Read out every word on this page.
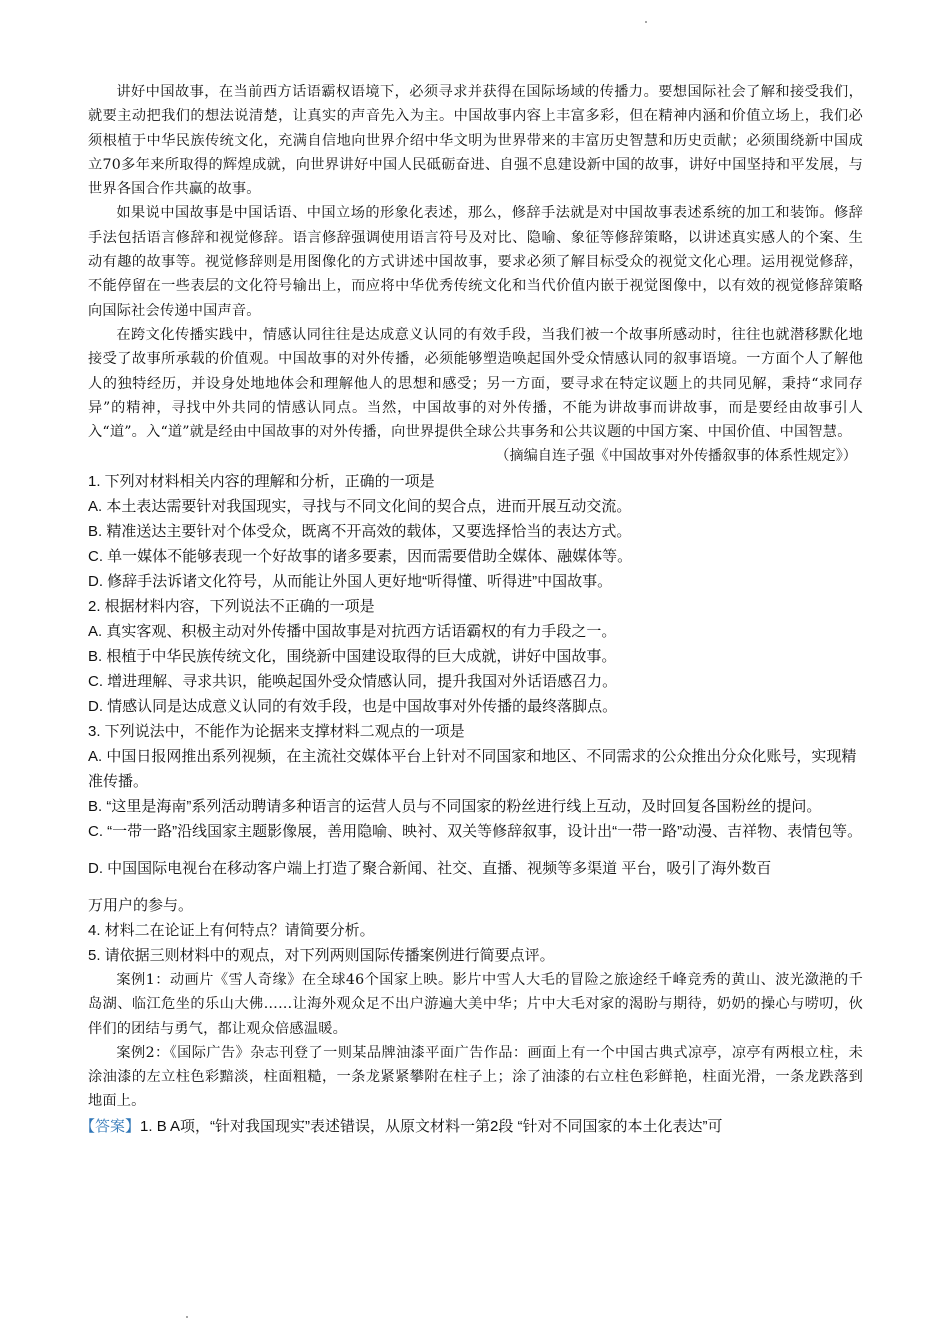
讲好中国故事，在当前西方话语霸权语境下，必须寻求并获得在国际场域的传播力。要想国际社会了解和接受我们，就要主动把我们的想法说清楚，让真实的声音先入为主。中国故事内容上丰富多彩，但在精神内涵和价值立场上，我们必须根植于中华民族传统文化，充满自信地向世界介绍中华文明为世界带来的丰富历史智慧和历史贡献；必须围绕新中国成立70多年来所取得的辉煌成就，向世界讲好中国人民砥砺奋进、自强不息建设新中国的故事，讲好中国坚持和平发展，与世界各国合作共赢的故事。

如果说中国故事是中国话语、中国立场的形象化表述，那么，修辞手法就是对中国故事表述系统的加工和装饰。修辞手法包括语言修辞和视觉修辞。语言修辞强调使用语言符号及对比、隐喻、象征等修辞策略，以讲述真实感人的个案、生动有趣的故事等。视觉修辞则是用图像化的方式讲述中国故事，要求必须了解目标受众的视觉文化心理。运用视觉修辞，不能停留在一些表层的文化符号输出上，而应将中华优秀传统文化和当代价值内嵌于视觉图像中，以有效的视觉修辞策略向国际社会传递中国声音。

在跨文化传播实践中，情感认同往往是达成意义认同的有效手段，当我们被一个故事所感动时，往往也就潜移默化地接受了故事所承载的价值观。中国故事的对外传播，必须能够塑造唤起国外受众情感认同的叙事语境。一方面个人了解他人的独特经历，并设身处地地体会和理解他人的思想和感受；另一方面，要寻求在特定议题上的共同见解，秉持“求同存异”的精神，寻找中外共同的情感认同点。当然，中国故事的对外传播，不能为讲故事而讲故事，而是要经由故事引人入“道”。入“道”就是经由中国故事的对外传播，向世界提供全球公共事务和公共议题的中国方案、中国价值、中国智慧。

（摘编自连子强《中国故事对外传播叙事的体系性规定》）

1. 下列对材料相关内容的理解和分析，正确的一项是

A. 本土表达需要针对我国现实，寻找与不同文化间的契合点，进而开展互动交流。

B. 精准送达主要针对个体受众，既离不开高效的载体，又要选择恰当的表达方式。

C. 单一媒体不能够表现一个好故事的诸多要素，因而需要借助全媒体、融媒体等。

D. 修辞手法诉诸文化符号，从而能让外国人更好地“听得懂、听得进”中国故事。

2. 根据材料内容，下列说法不正确的一项是

A. 真实客观、积极主动对外传播中国故事是对抗西方话语霸权的有力手段之一。

B. 根植于中华民族传统文化，围绕新中国建设取得的巨大成就，讲好中国故事。

C. 增进理解、寻求共识，能唤起国外受众情感认同，提升我国对外话语感召力。

D. 情感认同是达成意义认同的有效手段，也是中国故事对外传播的最终落脚点。

3. 下列说法中，不能作为论据来支撑材料二观点的一项是

A. 中国日报网推出系列视频，在主流社交媒体平台上针对不同国家和地区、不同需求的公众推出分众化账号，实现精准传播。

B. “这里是海南”系列活动聘请多种语言的运营人员与不同国家的粉丝进行线上互动，及时回复各国粉丝的提问。

C. “一带一路”沿线国家主题影像展，善用隐喻、映衬、双关等修辞叙事，设计出“一带一路”动漫、吉祥物、表情包等。

D. 中国国际电视台在移动客户端上打造了聚合新闻、社交、直播、视频等多渠道 平台，吸引了海外数百

万用户的参与。

4. 材料二在论证上有何特点？请简要分析。

5. 请依据三则材料中的观点，对下列两则国际传播案例进行简要点评。

案例1：动画片《雪人奇缘》在全球46个国家上映。影片中雪人大毛的冒险之旅途经千峰竞秀的黄山、波光潋滟的千岛湖、临江危坐的乐山大佛……让海外观众足不出户游遍大美中华；片中大毛对家的渴盼与期待，奶奶的操心与唠叨，伙伴们的团结与勇气，都让观众倍感温暖。

案例2：《国际广告》杂志刊登了一则某品牌油漆平面广告作品：画面上有一个中国古典式凉亭，凉亭有两根立柱，未涂油漆的左立柱色彩黯淡，柱面粗糙，一条龙紧紧攀附在柱子上；涂了油漆的右立柱色彩鲜艳，柱面光滑，一条龙跌落到地面上。

【答案】1. B A项，“针对我国现实”表述错误，从原文材料一第2段 “针对不同国家的本土化表达”可
